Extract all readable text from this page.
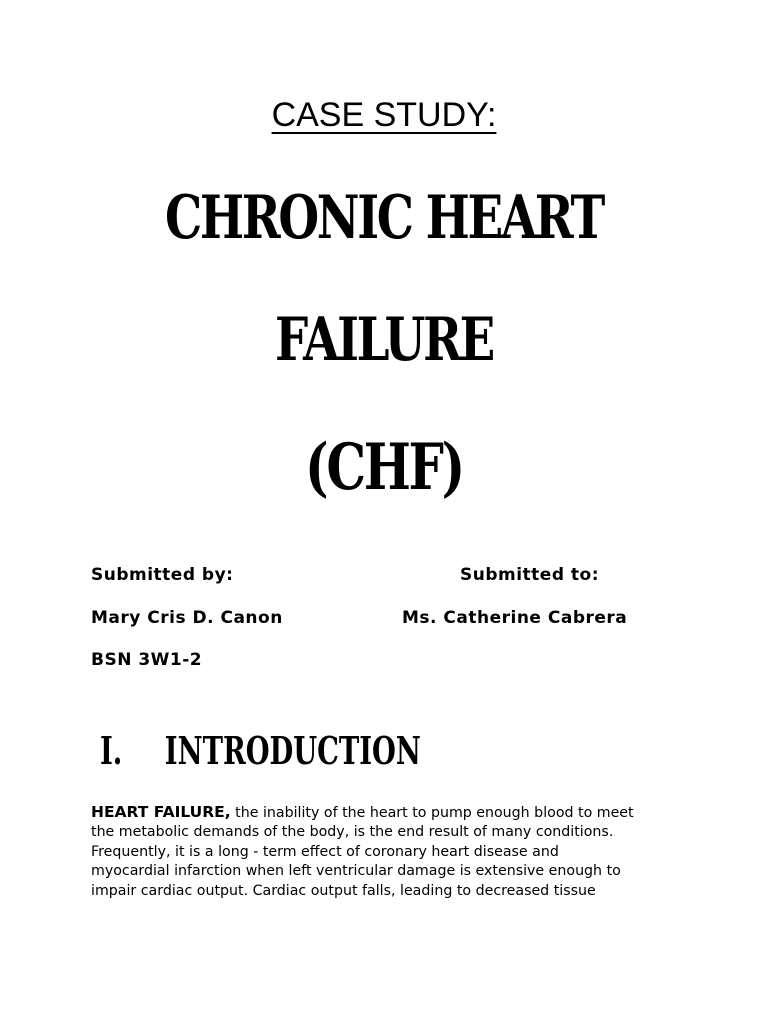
CASE STUDY:
CHRONIC HEART
FAILURE
(CHF)
Submitted by:	Submitted to:
Mary Cris D. Canon	Ms. Catherine Cabrera
BSN 3W1-2
I. INTRODUCTION
HEART FAILURE, the inability of the heart to pump enough blood to meet
the metabolic demands of the body, is the end result of many conditions.
Frequently, it is a long - term effect of coronary heart disease and
myocardial infarction when left ventricular damage is extensive enough to
impair cardiac output. Cardiac output falls, leading to decreased tissue
